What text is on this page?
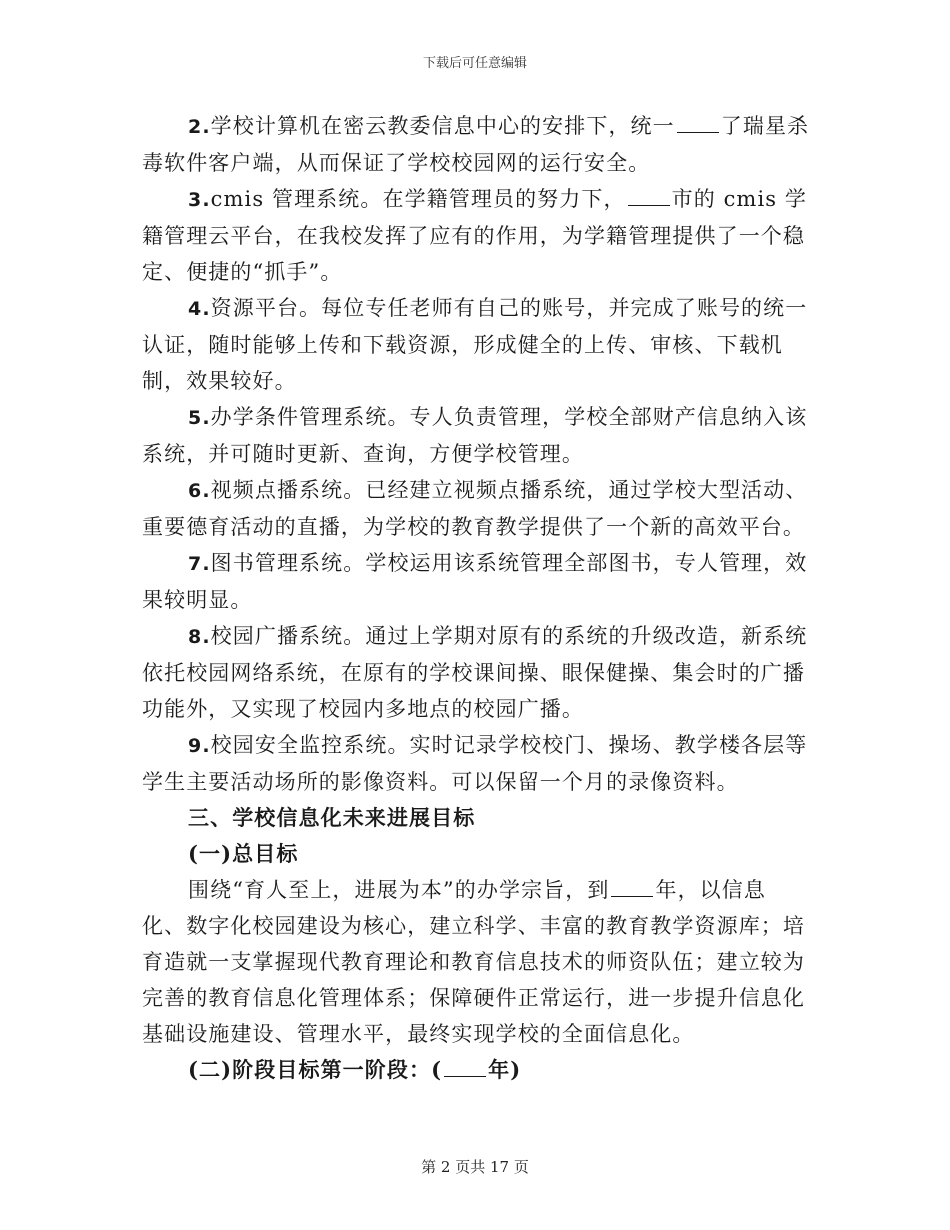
下载后可任意编辑

2.学校计算机在密云教委信息中心的安排下，统一 了瑞星杀毒软件客户端，从而保证了学校校园网的运行安全。

3.cmis 管理系统。在学籍管理员的努力下， 市的 cmis 学籍管理云平台，在我校发挥了应有的作用，为学籍管理提供了一个稳定、便捷的“抓手”。

4.资源平台。每位专任老师有自己的账号，并完成了账号的统一认证，随时能够上传和下载资源，形成健全的上传、审核、下载机制，效果较好。

5.办学条件管理系统。专人负责管理，学校全部财产信息纳入该系统，并可随时更新、查询，方便学校管理。

6.视频点播系统。已经建立视频点播系统，通过学校大型活动、重要德育活动的直播，为学校的教育教学提供了一个新的高效平台。

7.图书管理系统。学校运用该系统管理全部图书，专人管理，效果较明显。

8.校园广播系统。通过上学期对原有的系统的升级改造，新系统依托校园网络系统，在原有的学校课间操、眼保健操、集会时的广播功能外，又实现了校园内多地点的校园广播。

9.校园安全监控系统。实时记录学校校门、操场、教学楼各层等学生主要活动场所的影像资料。可以保留一个月的录像资料。

三、学校信息化未来进展目标

(一)总目标

围绕“育人至上，进展为本”的办学宗旨，到 年，以信息化、数字化校园建设为核心，建立科学、丰富的教育教学资源库；培育造就一支掌握现代教育理论和教育信息技术的师资队伍；建立较为完善的教育信息化管理体系；保障硬件正常运行，进一步提升信息化基础设施建设、管理水平，最终实现学校的全面信息化。

(二)阶段目标第一阶段：( 年)

第 2 页共 17 页
